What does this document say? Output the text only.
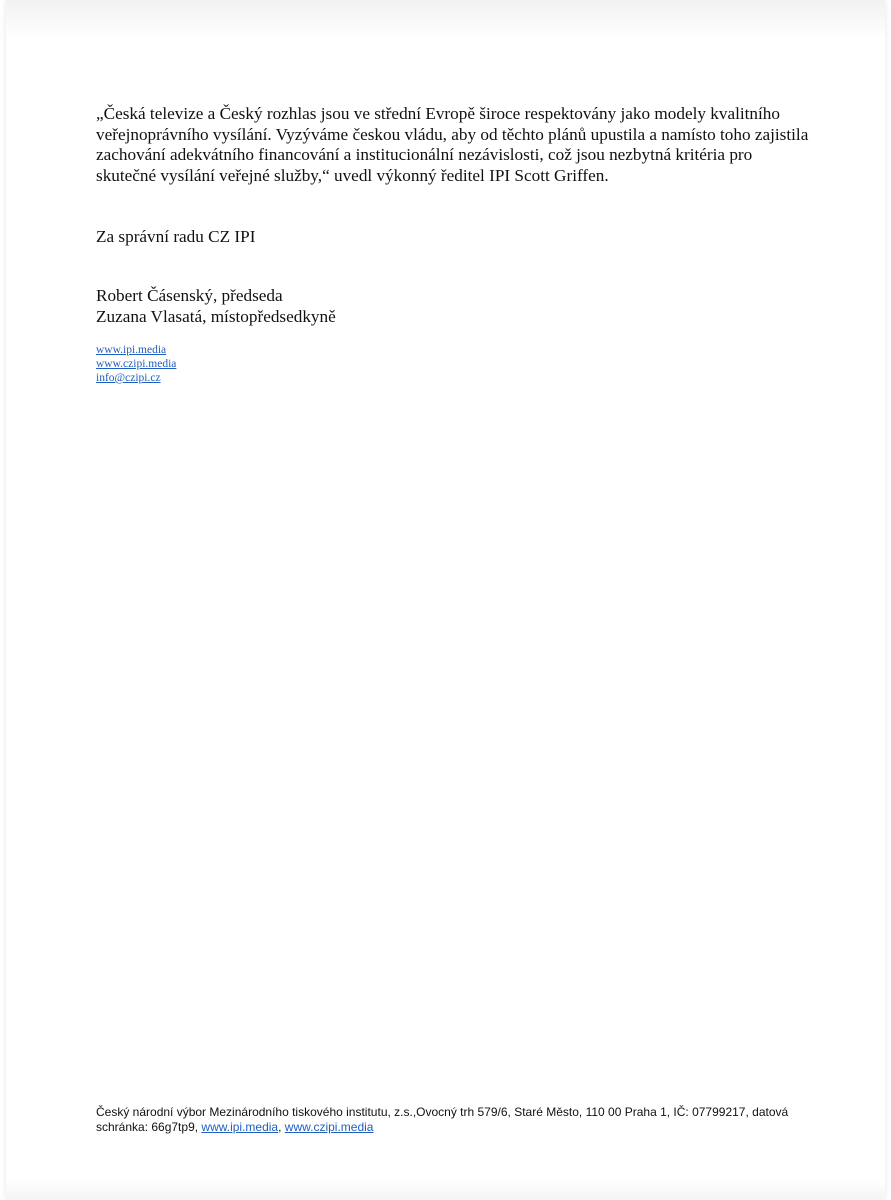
„Česká televize a Český rozhlas jsou ve střední Evropě široce respektovány jako modely kvalitního veřejnoprávního vysílání. Vyzýváme českou vládu, aby od těchto plánů upustila a namísto toho zajistila zachování adekvátního financování a institucionální nezávislosti, což jsou nezbytná kritéria pro skutečné vysílání veřejné služby,“ uvedl výkonný ředitel IPI Scott Griffen.

Za správní radu CZ IPI

Robert Čásenský, předseda
Zuzana Vlasatá, místopředsedkyně

www.ipi.media
www.czipi.media
info@czipi.cz

Český národní výbor Mezinárodního tiskového institutu, z.s.,Ovocný trh 579/6, Staré Město, 110 00 Praha 1, IČ: 07799217, datová schránka: 66g7tp9, www.ipi.media, www.czipi.media
